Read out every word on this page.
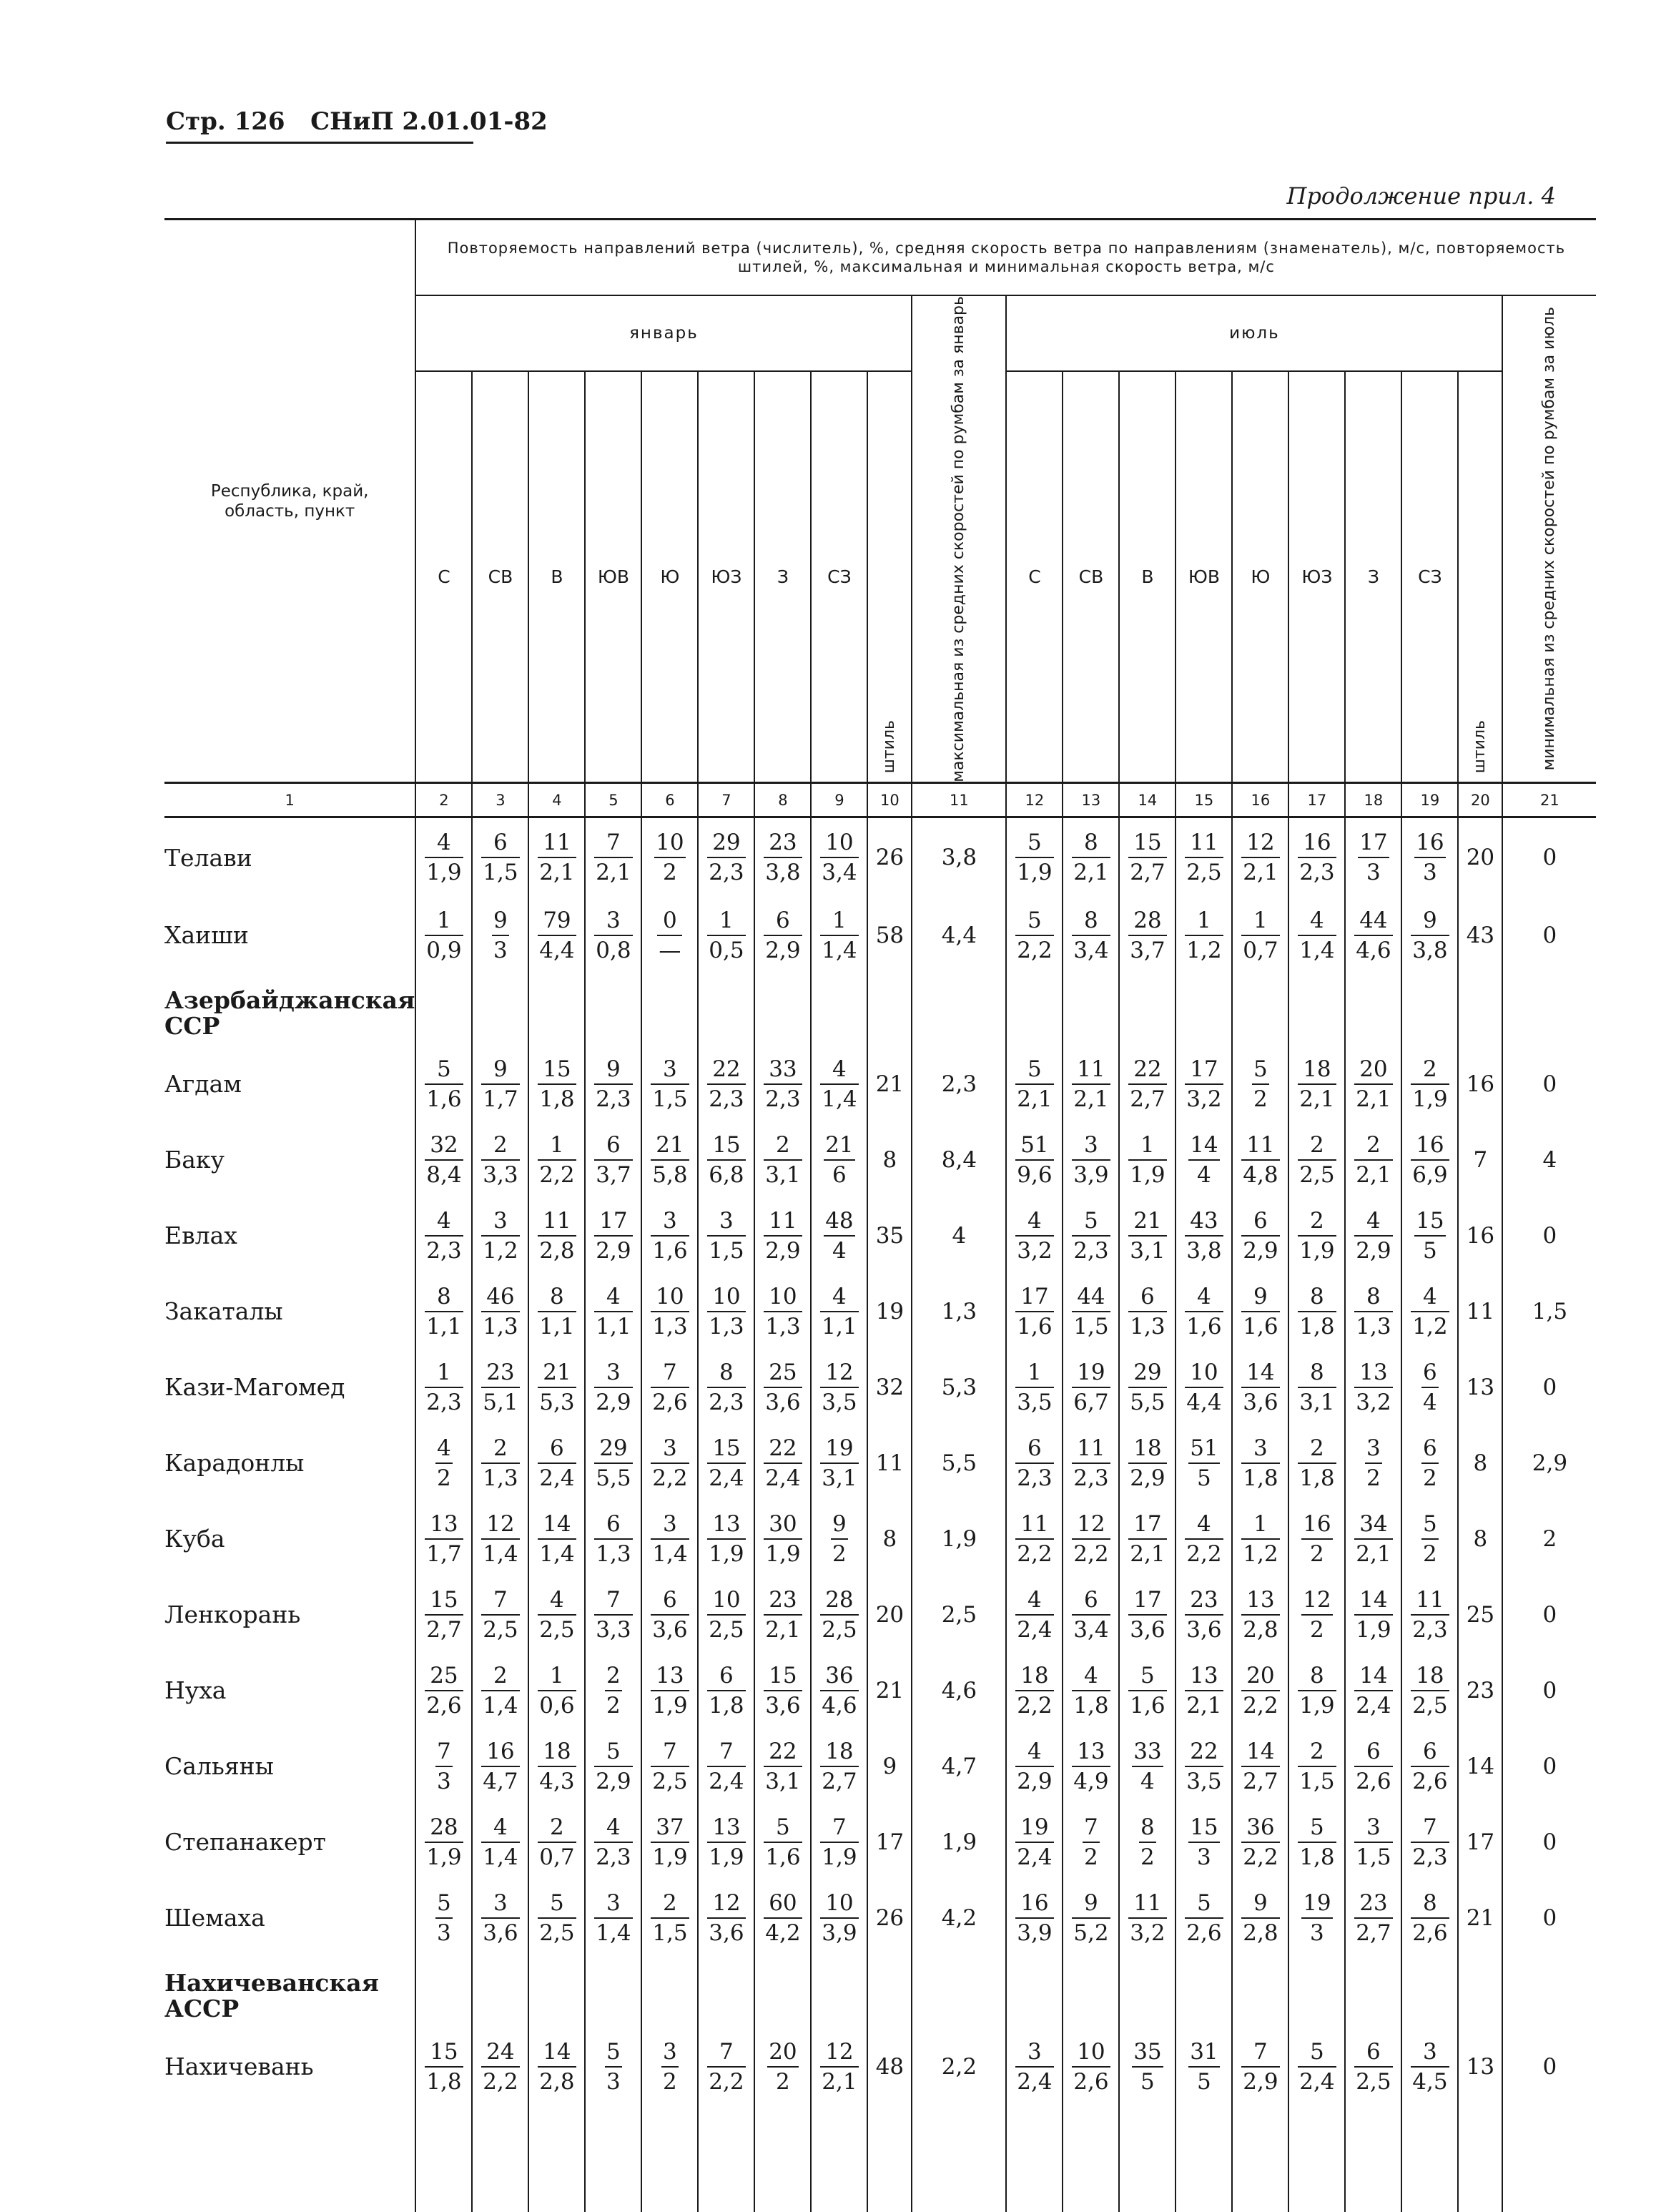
Стр. 126 СНиП 2.01.01-82
Продолжение прил. 4
Республика, край, область, пункт	Повторяемость направлений ветра (числитель), %, средняя скорость ветра по направлениям (знаменатель), м/с, повторяемость штилей, %, максимальная и минимальная скорость ветра, м/с																			
	январь									максимальная из средних скоростей по румбам за январь	июль									минимальная из средних скоростей по румбам за июль

	С	СВ	В	ЮВ	Ю	ЮЗ	З	СЗ	штиль		С	СВ	В	ЮВ	Ю	ЮЗ	З	СЗ	штиль	

1	2	3	4	5	6	7	8	9	10	11	12	13	14	15	16	17	18	19	20	21
Телави	$\frac{4}{1,9}$	$\frac{6}{1,5}$	$\frac{11}{2,1}$	$\frac{7}{2,1}$	$\frac{10}{2}$	$\frac{29}{2,3}$	$\frac{23}{3,8}$	$\frac{10}{3,4}$	26	3,8	$\frac{5}{1,9}$	$\frac{8}{2,1}$	$\frac{15}{2,7}$	$\frac{11}{2,5}$	$\frac{12}{2,1}$	$\frac{16}{2,3}$	$\frac{17}{3}$	$\frac{16}{3}$	20	0
Хаиши	$\frac{1}{0,9}$	$\frac{9}{3}$	$\frac{79}{4,4}$	$\frac{3}{0,8}$	$\frac{0}{—}$	$\frac{1}{0,5}$	$\frac{6}{2,9}$	$\frac{1}{1,4}$	58	4,4	$\frac{5}{2,2}$	$\frac{8}{3,4}$	$\frac{28}{3,7}$	$\frac{1}{1,2}$	$\frac{1}{0,7}$	$\frac{4}{1,4}$	$\frac{44}{4,6}$	$\frac{9}{3,8}$	43	0
Азербайджанская ССР																				
Агдам	$\frac{5}{1,6}$	$\frac{9}{1,7}$	$\frac{15}{1,8}$	$\frac{9}{2,3}$	$\frac{3}{1,5}$	$\frac{22}{2,3}$	$\frac{33}{2,3}$	$\frac{4}{1,4}$	21	2,3	$\frac{5}{2,1}$	$\frac{11}{2,1}$	$\frac{22}{2,7}$	$\frac{17}{3,2}$	$\frac{5}{2}$	$\frac{18}{2,1}$	$\frac{20}{2,1}$	$\frac{2}{1,9}$	16	0
Баку	$\frac{32}{8,4}$	$\frac{2}{3,3}$	$\frac{1}{2,2}$	$\frac{6}{3,7}$	$\frac{21}{5,8}$	$\frac{15}{6,8}$	$\frac{2}{3,1}$	$\frac{21}{6}$	8	8,4	$\frac{51}{9,6}$	$\frac{3}{3,9}$	$\frac{1}{1,9}$	$\frac{14}{4}$	$\frac{11}{4,8}$	$\frac{2}{2,5}$	$\frac{2}{2,1}$	$\frac{16}{6,9}$	7	4
Евлах	$\frac{4}{2,3}$	$\frac{3}{1,2}$	$\frac{11}{2,8}$	$\frac{17}{2,9}$	$\frac{3}{1,6}$	$\frac{3}{1,5}$	$\frac{11}{2,9}$	$\frac{48}{4}$	35	4	$\frac{4}{3,2}$	$\frac{5}{2,3}$	$\frac{21}{3,1}$	$\frac{43}{3,8}$	$\frac{6}{2,9}$	$\frac{2}{1,9}$	$\frac{4}{2,9}$	$\frac{15}{5}$	16	0
Закаталы	$\frac{8}{1,1}$	$\frac{46}{1,3}$	$\frac{8}{1,1}$	$\frac{4}{1,1}$	$\frac{10}{1,3}$	$\frac{10}{1,3}$	$\frac{10}{1,3}$	$\frac{4}{1,1}$	19	1,3	$\frac{17}{1,6}$	$\frac{44}{1,5}$	$\frac{6}{1,3}$	$\frac{4}{1,6}$	$\frac{9}{1,6}$	$\frac{8}{1,8}$	$\frac{8}{1,3}$	$\frac{4}{1,2}$	11	1,5
Кази-Магомед	$\frac{1}{2,3}$	$\frac{23}{5,1}$	$\frac{21}{5,3}$	$\frac{3}{2,9}$	$\frac{7}{2,6}$	$\frac{8}{2,3}$	$\frac{25}{3,6}$	$\frac{12}{3,5}$	32	5,3	$\frac{1}{3,5}$	$\frac{19}{6,7}$	$\frac{29}{5,5}$	$\frac{10}{4,4}$	$\frac{14}{3,6}$	$\frac{8}{3,1}$	$\frac{13}{3,2}$	$\frac{6}{4}$	13	0
Карадонлы	$\frac{4}{2}$	$\frac{2}{1,3}$	$\frac{6}{2,4}$	$\frac{29}{5,5}$	$\frac{3}{2,2}$	$\frac{15}{2,4}$	$\frac{22}{2,4}$	$\frac{19}{3,1}$	11	5,5	$\frac{6}{2,3}$	$\frac{11}{2,3}$	$\frac{18}{2,9}$	$\frac{51}{5}$	$\frac{3}{1,8}$	$\frac{2}{1,8}$	$\frac{3}{2}$	$\frac{6}{2}$	8	2,9
Куба	$\frac{13}{1,7}$	$\frac{12}{1,4}$	$\frac{14}{1,4}$	$\frac{6}{1,3}$	$\frac{3}{1,4}$	$\frac{13}{1,9}$	$\frac{30}{1,9}$	$\frac{9}{2}$	8	1,9	$\frac{11}{2,2}$	$\frac{12}{2,2}$	$\frac{17}{2,1}$	$\frac{4}{2,2}$	$\frac{1}{1,2}$	$\frac{16}{2}$	$\frac{34}{2,1}$	$\frac{5}{2}$	8	2
Ленкорань	$\frac{15}{2,7}$	$\frac{7}{2,5}$	$\frac{4}{2,5}$	$\frac{7}{3,3}$	$\frac{6}{3,6}$	$\frac{10}{2,5}$	$\frac{23}{2,1}$	$\frac{28}{2,5}$	20	2,5	$\frac{4}{2,4}$	$\frac{6}{3,4}$	$\frac{17}{3,6}$	$\frac{23}{3,6}$	$\frac{13}{2,8}$	$\frac{12}{2}$	$\frac{14}{1,9}$	$\frac{11}{2,3}$	25	0
Нуха	$\frac{25}{2,6}$	$\frac{2}{1,4}$	$\frac{1}{0,6}$	$\frac{2}{2}$	$\frac{13}{1,9}$	$\frac{6}{1,8}$	$\frac{15}{3,6}$	$\frac{36}{4,6}$	21	4,6	$\frac{18}{2,2}$	$\frac{4}{1,8}$	$\frac{5}{1,6}$	$\frac{13}{2,1}$	$\frac{20}{2,2}$	$\frac{8}{1,9}$	$\frac{14}{2,4}$	$\frac{18}{2,5}$	23	0
Сальяны	$\frac{7}{3}$	$\frac{16}{4,7}$	$\frac{18}{4,3}$	$\frac{5}{2,9}$	$\frac{7}{2,5}$	$\frac{7}{2,4}$	$\frac{22}{3,1}$	$\frac{18}{2,7}$	9	4,7	$\frac{4}{2,9}$	$\frac{13}{4,9}$	$\frac{33}{4}$	$\frac{22}{3,5}$	$\frac{14}{2,7}$	$\frac{2}{1,5}$	$\frac{6}{2,6}$	$\frac{6}{2,6}$	14	0
Степанакерт	$\frac{28}{1,9}$	$\frac{4}{1,4}$	$\frac{2}{0,7}$	$\frac{4}{2,3}$	$\frac{37}{1,9}$	$\frac{13}{1,9}$	$\frac{5}{1,6}$	$\frac{7}{1,9}$	17	1,9	$\frac{19}{2,4}$	$\frac{7}{2}$	$\frac{8}{2}$	$\frac{15}{3}$	$\frac{36}{2,2}$	$\frac{5}{1,8}$	$\frac{3}{1,5}$	$\frac{7}{2,3}$	17	0
Шемаха	$\frac{5}{3}$	$\frac{3}{3,6}$	$\frac{5}{2,5}$	$\frac{3}{1,4}$	$\frac{2}{1,5}$	$\frac{12}{3,6}$	$\frac{60}{4,2}$	$\frac{10}{3,9}$	26	4,2	$\frac{16}{3,9}$	$\frac{9}{5,2}$	$\frac{11}{3,2}$	$\frac{5}{2,6}$	$\frac{9}{2,8}$	$\frac{19}{3}$	$\frac{23}{2,7}$	$\frac{8}{2,6}$	21	0
Нахичеванская АССР																				
Нахичевань	$\frac{15}{1,8}$	$\frac{24}{2,2}$	$\frac{14}{2,8}$	$\frac{5}{3}$	$\frac{3}{2}$	$\frac{7}{2,2}$	$\frac{20}{2}$	$\frac{12}{2,1}$	48	2,2	$\frac{3}{2,4}$	$\frac{10}{2,6}$	$\frac{35}{5}$	$\frac{31}{5}$	$\frac{7}{2,9}$	$\frac{5}{2,4}$	$\frac{6}{2,5}$	$\frac{3}{4,5}$	13	0
